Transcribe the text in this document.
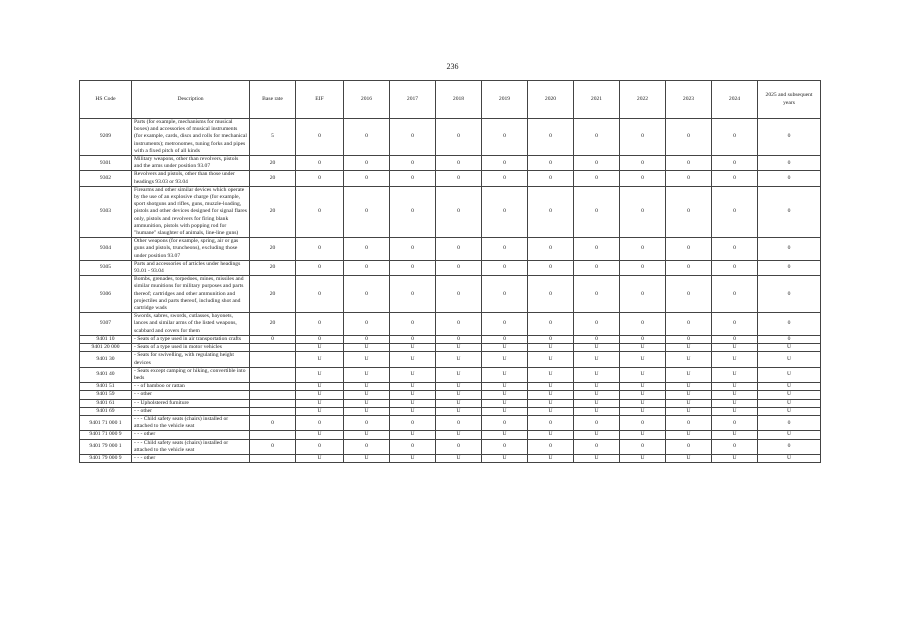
236
HS Code	Description	Base rate	EIF	2016	2017	2018	2019	2020	2021	2022	2023	2024	2025 and subsequent years
9209	Parts (for example, mechanisms for musical boxes) and accessories of musical instruments (for example, cards, discs and rolls for mechanical instruments); metronomes, tuning forks and pipes with a fixed pitch of all kinds	5	0	0	0	0	0	0	0	0	0	0	0
9301	Military weapons, other than revolvers, pistols and the arms under position 93.07	20	0	0	0	0	0	0	0	0	0	0	0
9302	Revolvers and pistols, other than those under headings 93.03 or 93.04	20	0	0	0	0	0	0	0	0	0	0	0
9303	Firearms and other similar devices which operate by the use of an explosive charge (for example, sport shotguns and rifles, guns, muzzle-loading, pistols and other devices designed for signal flares only, pistols and revolvers for firing blank ammunition, pistols with popping rod for "humane" slaughter of animals, line-line guns)	20	0	0	0	0	0	0	0	0	0	0	0
9304	Other weapons (for example, spring, air or gas guns and pistols, truncheons), excluding those under position 93.07	20	0	0	0	0	0	0	0	0	0	0	0
9305	Parts and accessories of articles under headings 93.01 - 93.04	20	0	0	0	0	0	0	0	0	0	0	0
9306	Bombs, grenades, torpedoes, mines, missiles and similar munitions for military purposes and parts thereof; cartridges and other ammunition and projectiles and parts thereof, including shot and cartridge wads	20	0	0	0	0	0	0	0	0	0	0	0
9307	Swords, sabres, swords, cutlasses, bayonets, lances and similar arms of the listed weapons, scabbard and covers for them	20	0	0	0	0	0	0	0	0	0	0	0
9401 10	- Seats of a type used in air transportation crafts	0	0	0	0	0	0	0	0	0	0	0	0
9401 20 000	- Seats of a type used in motor vehicles		U	U	U	U	U	U	U	U	U	U	U
9401 30	- Seats for swivelling, with regulating height devices		U	U	U	U	U	U	U	U	U	U	U
9401 40	- Seats except camping or hiking, convertible into beds		U	U	U	U	U	U	U	U	U	U	U
9401 51	- - of bamboo or rattan		U	U	U	U	U	U	U	U	U	U	U
9401 59	- - other		U	U	U	U	U	U	U	U	U	U	U
9401 61	- - Upholstered furniture		U	U	U	U	U	U	U	U	U	U	U
9401 69	- - other		U	U	U	U	U	U	U	U	U	U	U
9401 71 000 1	- - - Child safety seats (chairs) installed or attached to the vehicle seat	0	0	0	0	0	0	0	0	0	0	0	0
9401 71 000 9	- - - other		U	U	U	U	U	U	U	U	U	U	U
9401 79 000 1	- - - Child safety seats (chairs) installed or attached to the vehicle seat	0	0	0	0	0	0	0	0	0	0	0	0
9401 79 000 9	- - - other		U	U	U	U	U	U	U	U	U	U	U
